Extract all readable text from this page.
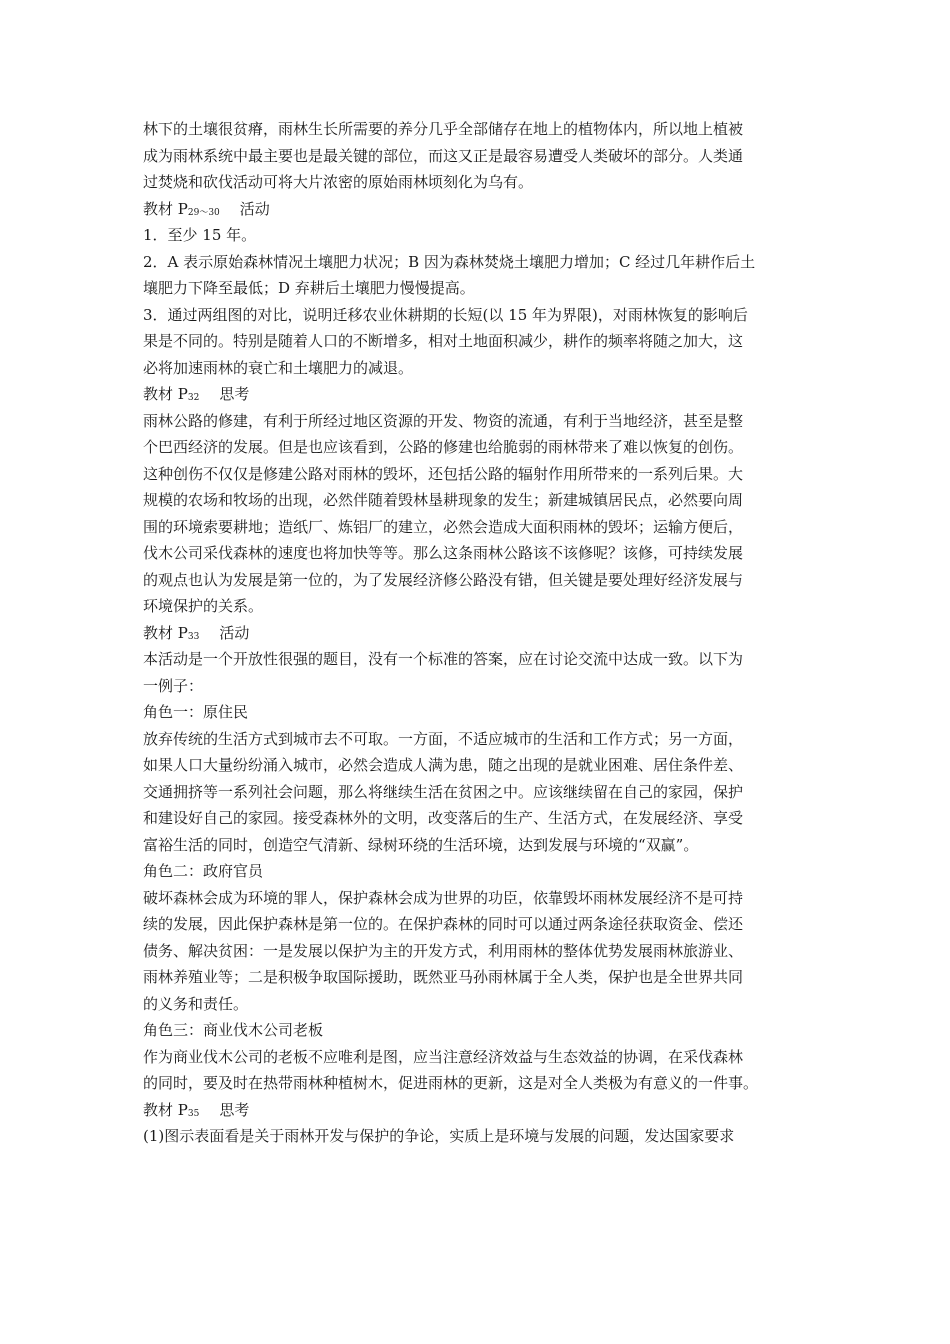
林下的土壤很贫瘠，雨林生长所需要的养分几乎全部储存在地上的植物体内，所以地上植被
成为雨林系统中最主要也是最关键的部位，而这又正是最容易遭受人类破坏的部分。人类通
过焚烧和砍伐活动可将大片浓密的原始雨林顷刻化为乌有。
教材 P29～30 活动
1．至少 15 年。
2．A 表示原始森林情况土壤肥力状况；B 因为森林焚烧土壤肥力增加；C 经过几年耕作后土
壤肥力下降至最低；D 弃耕后土壤肥力慢慢提高。
3．通过两组图的对比，说明迁移农业休耕期的长短(以 15 年为界限)，对雨林恢复的影响后
果是不同的。特别是随着人口的不断增多，相对土地面积减少，耕作的频率将随之加大，这
必将加速雨林的衰亡和土壤肥力的减退。
教材 P32 思考
雨林公路的修建，有利于所经过地区资源的开发、物资的流通，有利于当地经济，甚至是整
个巴西经济的发展。但是也应该看到，公路的修建也给脆弱的雨林带来了难以恢复的创伤。
这种创伤不仅仅是修建公路对雨林的毁坏，还包括公路的辐射作用所带来的一系列后果。大
规模的农场和牧场的出现，必然伴随着毁林垦耕现象的发生；新建城镇居民点，必然要向周
围的环境索要耕地；造纸厂、炼铝厂的建立，必然会造成大面积雨林的毁坏；运输方便后，
伐木公司采伐森林的速度也将加快等等。那么这条雨林公路该不该修呢？该修，可持续发展
的观点也认为发展是第一位的，为了发展经济修公路没有错，但关键是要处理好经济发展与
环境保护的关系。
教材 P33 活动
本活动是一个开放性很强的题目，没有一个标准的答案，应在讨论交流中达成一致。以下为
一例子：
角色一：原住民
放弃传统的生活方式到城市去不可取。一方面，不适应城市的生活和工作方式；另一方面，
如果人口大量纷纷涌入城市，必然会造成人满为患，随之出现的是就业困难、居住条件差、
交通拥挤等一系列社会问题，那么将继续生活在贫困之中。应该继续留在自己的家园，保护
和建设好自己的家园。接受森林外的文明，改变落后的生产、生活方式，在发展经济、享受
富裕生活的同时，创造空气清新、绿树环绕的生活环境，达到发展与环境的“双赢”。
角色二：政府官员
破坏森林会成为环境的罪人，保护森林会成为世界的功臣，依靠毁坏雨林发展经济不是可持
续的发展，因此保护森林是第一位的。在保护森林的同时可以通过两条途径获取资金、偿还
债务、解决贫困：一是发展以保护为主的开发方式，利用雨林的整体优势发展雨林旅游业、
雨林养殖业等；二是积极争取国际援助，既然亚马孙雨林属于全人类，保护也是全世界共同
的义务和责任。
角色三：商业伐木公司老板
作为商业伐木公司的老板不应唯利是图，应当注意经济效益与生态效益的协调，在采伐森林
的同时，要及时在热带雨林种植树木，促进雨林的更新，这是对全人类极为有意义的一件事。
教材 P35 思考
(1)图示表面看是关于雨林开发与保护的争论，实质上是环境与发展的问题，发达国家要求
